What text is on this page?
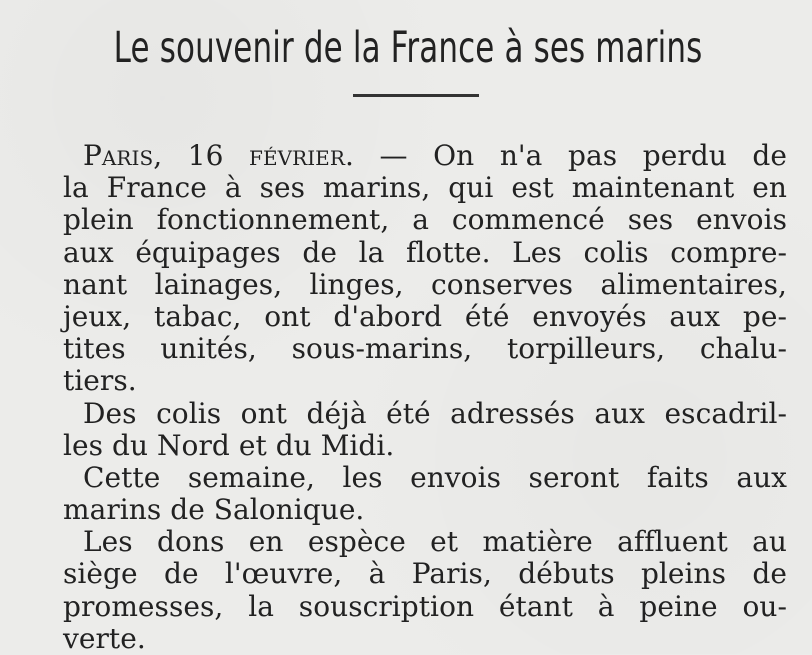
Le souvenir de la France à ses marins
Paris, 16 février. — On n'a pas perdu de
la France à ses marins, qui est maintenant en
plein fonctionnement, a commencé ses envois
aux équipages de la flotte. Les colis compre-
nant lainages, linges, conserves alimentaires,
jeux, tabac, ont d'abord été envoyés aux pe-
tites unités, sous-marins, torpilleurs, chalu-
tiers.
Des colis ont déjà été adressés aux escadril-
les du Nord et du Midi.
Cette semaine, les envois seront faits aux
marins de Salonique.
Les dons en espèce et matière affluent au
siège de l'œuvre, à Paris, débuts pleins de
promesses, la souscription étant à peine ou-
verte.
